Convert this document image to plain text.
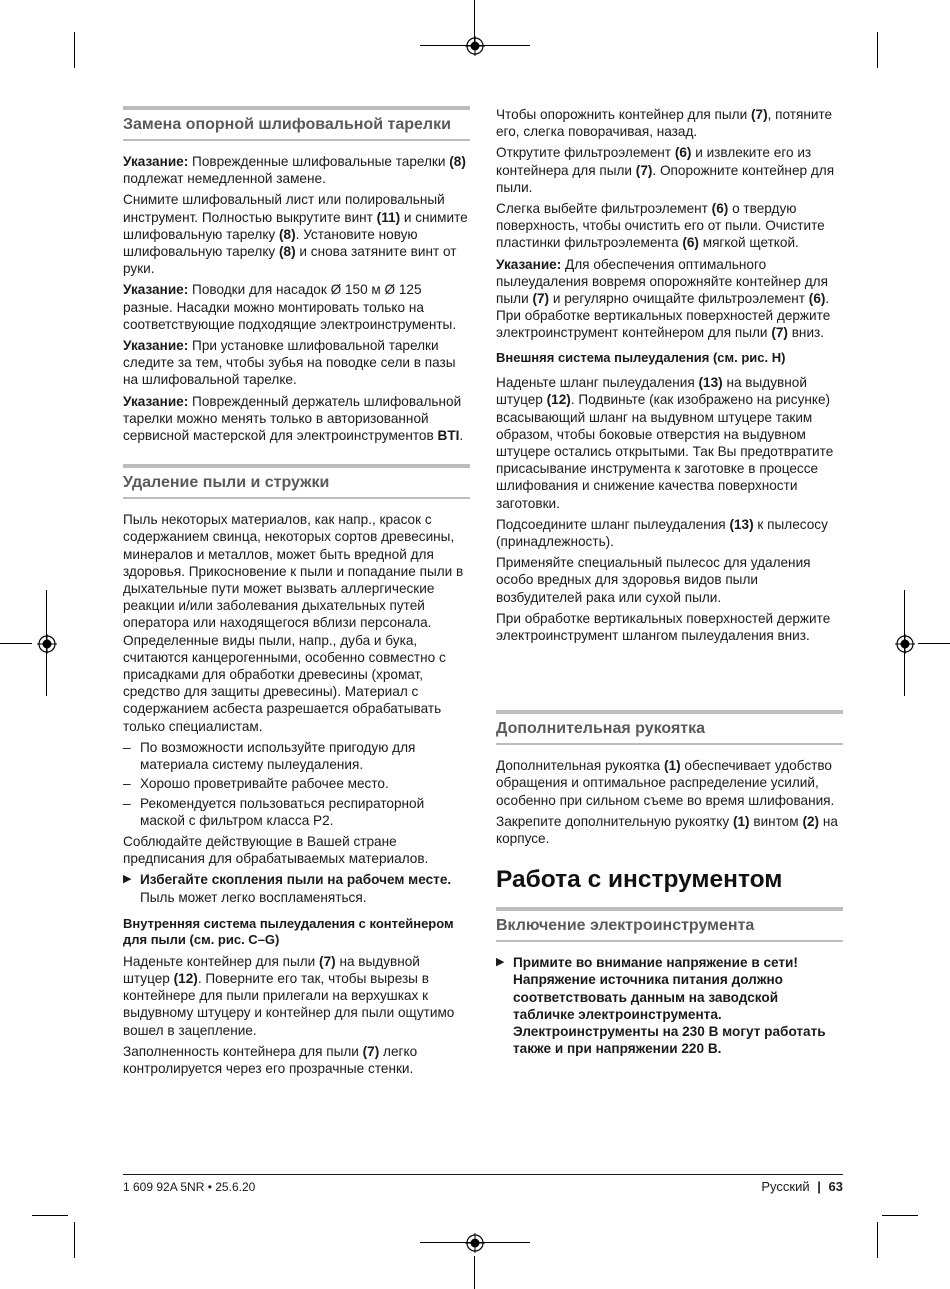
Замена опорной шлифовальной тарелки

Указание: Поврежденные шлифовальные тарелки (8) подлежат немедленной замене.

Снимите шлифовальный лист или полировальный инструмент. Полностью выкрутите винт (11) и снимите шлифовальную тарелку (8). Установите новую шлифовальную тарелку (8) и снова затяните винт от руки.

Указание: Поводки для насадок Ø 150 м Ø 125 разные. Насадки можно монтировать только на соответствующие подходящие электроинструменты.

Указание: При установке шлифовальной тарелки следите за тем, чтобы зубья на поводке сели в пазы на шлифовальной тарелке.

Указание: Поврежденный держатель шлифовальной тарелки можно менять только в авторизованной сервисной мастерской для электроинструментов BTI.

Удаление пыли и стружки

Пыль некоторых материалов, как напр., красок с содержанием свинца, некоторых сортов древесины, минералов и металлов, может быть вредной для здоровья. Прикосновение к пыли и попадание пыли в дыхательные пути может вызвать аллергические реакции и/или заболевания дыхательных путей оператора или находящегося вблизи персонала.

Определенные виды пыли, напр., дуба и бука, считаются канцерогенными, особенно совместно с присадками для обработки древесины (хромат, средство для защиты древесины). Материал с содержанием асбеста разрешается обрабатывать только специалистам.

– По возможности используйте пригодую для материала систему пылеудаления.
– Хорошо проветривайте рабочее место.
– Рекомендуется пользоваться респираторной маской с фильтром класса Р2.

Соблюдайте действующие в Вашей стране предписания для обрабатываемых материалов.

▶ Избегайте скопления пыли на рабочем месте. Пыль может легко воспламеняться.
Внутренняя система пылеудаления с контейнером для пыли (см. рис. C–G)

Наденьте контейнер для пыли (7) на выдувной штуцер (12). Поверните его так, чтобы вырезы в контейнере для пыли прилегали на верхушках к выдувному штуцеру и контейнер для пыли ощутимо вошел в зацепление.

Заполненность контейнера для пыли (7) легко контролируется через его прозрачные стенки.

Чтобы опорожнить контейнер для пыли (7), потяните его, слегка поворачивая, назад.

Открутите фильтроэлемент (6) и извлеките его из контейнера для пыли (7). Опорожните контейнер для пыли.

Слегка выбейте фильтроэлемент (6) о твердую поверхность, чтобы очистить его от пыли. Очистите пластинки фильтроэлемента (6) мягкой щеткой.

Указание: Для обеспечения оптимального пылеудаления вовремя опорожняйте контейнер для пыли (7) и регулярно очищайте фильтроэлемент (6).

При обработке вертикальных поверхностей держите электроинструмент контейнером для пыли (7) вниз.

Внешняя система пылеудаления (см. рис. H)

Наденьте шланг пылеудаления (13) на выдувной штуцер (12). Подвиньте (как изображено на рисунке) всасывающий шланг на выдувном штуцере таким образом, чтобы боковые отверстия на выдувном штуцере остались открытыми. Так Вы предотвратите присасывание инструмента к заготовке в процессе шлифования и снижение качества поверхности заготовки.

Подсоедините шланг пылеудаления (13) к пылесосу (принадлежность).

Применяйте специальный пылесос для удаления особо вредных для здоровья видов пыли возбудителей рака или сухой пыли.

При обработке вертикальных поверхностей держите электроинструмент шлангом пылеудаления вниз.

Дополнительная рукоятка

Дополнительная рукоятка (1) обеспечивает удобство обращения и оптимальное распределение усилий, особенно при сильном съеме во время шлифования.

Закрепите дополнительную рукоятку (1) винтом (2) на корпусе.

Работа с инструментом
Включение электроинструмента
▶ Примите во внимание напряжение в сети! Напряжение источника питания должно соответствовать данным на заводской табличке электроинструмента. Электроинструменты на 230 В могут работать также и при напряжении 220 В.
1 609 92A 5NR • 25.6.20	Русский | 63
